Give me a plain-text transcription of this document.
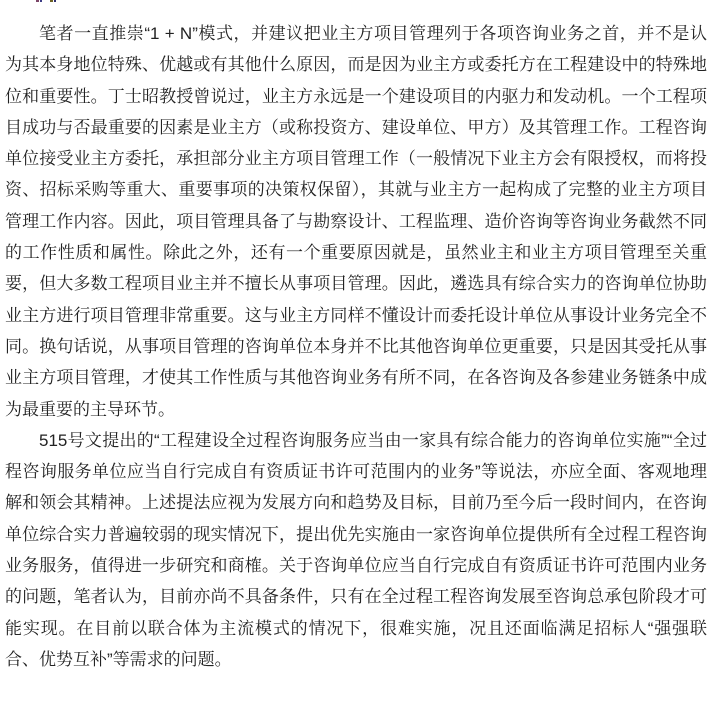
笔者一直推崇“1 + N”模式，并建议把业主方项目管理列于各项咨询业务之首，并不是认
为其本身地位特殊、优越或有其他什么原因，而是因为业主方或委托方在工程建设中的特殊地
位和重要性。丁士昭教授曾说过，业主方永远是一个建设项目的内驱力和发动机。一个工程项
目成功与否最重要的因素是业主方（或称投资方、建设单位、甲方）及其管理工作。工程咨询
单位接受业主方委托，承担部分业主方项目管理工作（一般情况下业主方会有限授权，而将投
资、招标采购等重大、重要事项的决策权保留），其就与业主方一起构成了完整的业主方项目
管理工作内容。因此，项目管理具备了与勘察设计、工程监理、造价咨询等咨询业务截然不同
的工作性质和属性。除此之外，还有一个重要原因就是，虽然业主和业主方项目管理至关重
要，但大多数工程项目业主并不擅长从事项目管理。因此，遴选具有综合实力的咨询单位协助
业主方进行项目管理非常重要。这与业主方同样不懂设计而委托设计单位从事设计业务完全不
同。换句话说，从事项目管理的咨询单位本身并不比其他咨询单位更重要，只是因其受托从事
业主方项目管理，才使其工作性质与其他咨询业务有所不同，在各咨询及各参建业务链条中成
为最重要的主导环节。
515号文提出的“工程建设全过程咨询服务应当由一家具有综合能力的咨询单位实施”“全过
程咨询服务单位应当自行完成自有资质证书许可范围内的业务”等说法，亦应全面、客观地理
解和领会其精神。上述提法应视为发展方向和趋势及目标，目前乃至今后一段时间内，在咨询
单位综合实力普遍较弱的现实情况下，提出优先实施由一家咨询单位提供所有全过程工程咨询
业务服务，值得进一步研究和商榷。关于咨询单位应当自行完成自有资质证书许可范围内业务
的问题，笔者认为，目前亦尚不具备条件，只有在全过程工程咨询发展至咨询总承包阶段才可
能实现。在目前以联合体为主流模式的情况下，很难实施，况且还面临满足招标人“强强联
合、优势互补”等需求的问题。
